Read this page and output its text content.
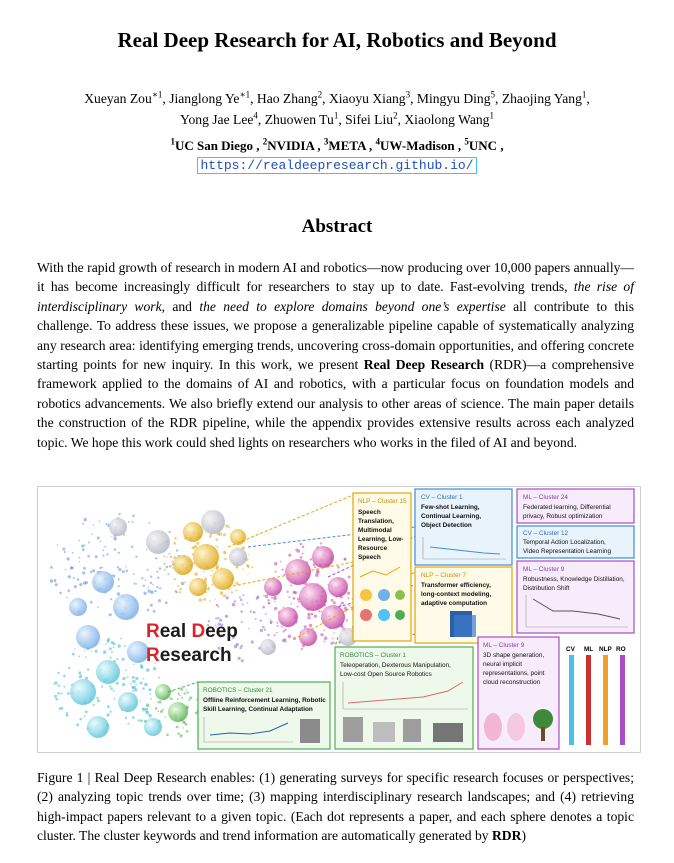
Real Deep Research for AI, Robotics and Beyond
Xueyan Zou$^{∗1}$, Jianglong $Ye^{∗1}$, Hao Zhang$^2$, Xiaoyu Xiang$^3$, Mingyu Ding$^5$, Zhaojing Yang$^1$,
Yong Jae Lee$^4$, Zhuowen Tu$^1$, Sifei Liu$^2$, Xiaolong Wang$^1$
$^1$UC San Diego , $^2$NVIDIA , $^3$META , $^4$UW-Madison , $^5$UNC ,
https://realdeepresearch.github.io/
Abstract
With the rapid growth of research in modern AI and robotics—now producing over 10,000 papers annually—it has become increasingly difficult for researchers to stay up to date. Fast-evolving trends, the rise of interdisciplinary work, and the need to explore domains beyond one’s expertise all contribute to this challenge. To address these issues, we propose a generalizable pipeline capable of systematically analyzing any research area: identifying emerging trends, uncovering cross-domain opportunities, and offering concrete starting points for new inquiry. In this work, we present Real Deep Research (RDR)—a comprehensive framework applied to the domains of AI and robotics, with a particular focus on foundation models and robotics advancements. We also briefly extend our analysis to other areas of science. The main paper details the construction of the RDR pipeline, while the appendix provides extensive results across each analyzed topic. We hope this work could shed lights on researchers who works in the filed of AI and beyond.
Real Deep
Research
NLP – Cluster 15
Speech
Translation,
Multimodal
Learning, Low-
Resource
Speech
CV – Cluster 1
Few-shot Learning,
Continual Learning,
Object Detection
ML – Cluster 24
Federated learning, Differential
privacy, Robust optimization
CV – Cluster 12
Temporal Action Localization,
Video Representation Learning
ML – Cluster 9
Robustness, Knowledge Distillation,
Distribution Shift
NLP – Cluster 7
Transformer efficiency,
long-context modeling,
adaptive computation
ML – Cluster 9
3D shape generation,
neural implicit
representations, point
cloud reconstruction
CV ML NLP RO
ROBOTICS – Cluster 1
Teleoperation, Dexterous Manipulation,
Low-cost Open Source Robotics
ROBOTICS – Cluster 21
Offline Reinforcement Learning, Robotic
Skill Learning, Continual Adaptation
Figure 1 | Real Deep Research enables: (1) generating surveys for specific research focuses or perspectives; (2) analyzing topic trends over time; (3) mapping interdisciplinary research landscapes; and (4) retrieving high-impact papers relevant to a given topic. (Each dot represents a paper, and each sphere denotes a topic cluster. The cluster keywords and trend information are automatically generated by RDR)
